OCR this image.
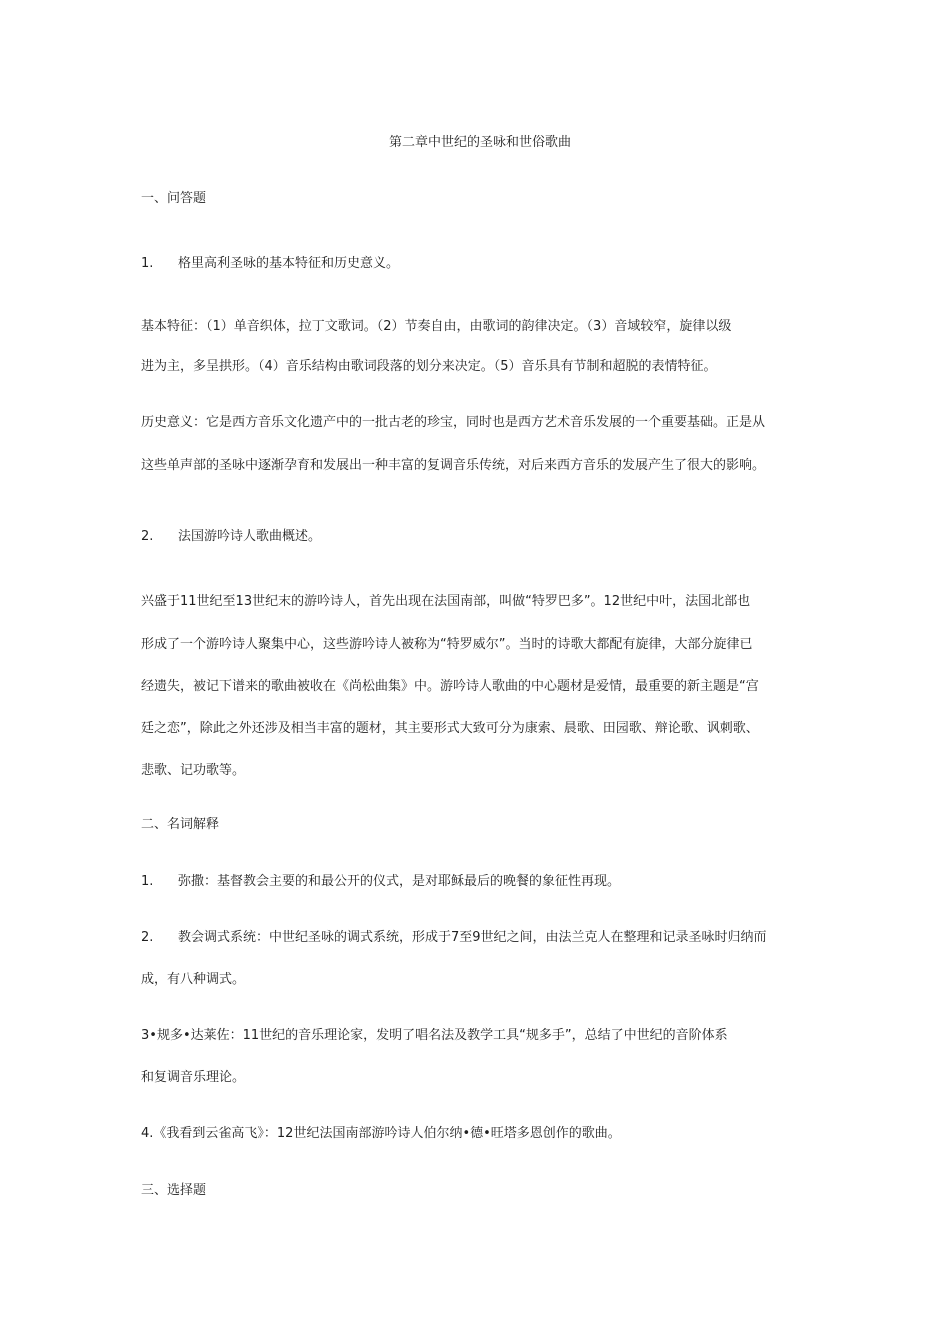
第二章中世纪的圣咏和世俗歌曲
一、问答题
1. 格里高利圣咏的基本特征和历史意义。
基本特征：（1）单音织体，拉丁文歌词。（2）节奏自由，由歌词的韵律决定。（3）音域较窄，旋律以级
进为主，多呈拱形。（4）音乐结构由歌词段落的划分来决定。（5）音乐具有节制和超脱的表情特征。
历史意义：它是西方音乐文化遗产中的一批古老的珍宝，同时也是西方艺术音乐发展的一个重要基础。正是从
这些单声部的圣咏中逐渐孕育和发展出一种丰富的复调音乐传统，对后来西方音乐的发展产生了很大的影响。
2. 法国游吟诗人歌曲概述。
兴盛于11世纪至13世纪末的游吟诗人，首先出现在法国南部，叫做“特罗巴多”。12世纪中叶，法国北部也
形成了一个游吟诗人聚集中心，这些游吟诗人被称为“特罗威尔”。当时的诗歌大都配有旋律，大部分旋律已
经遗失，被记下谱来的歌曲被收在《尚松曲集》中。游吟诗人歌曲的中心题材是爱情，最重要的新主题是“宫
廷之恋”，除此之外还涉及相当丰富的题材，其主要形式大致可分为康索、晨歌、田园歌、辩论歌、讽刺歌、
悲歌、记功歌等。
二、名词解释
1. 弥撒：基督教会主要的和最公开的仪式，是对耶稣最后的晚餐的象征性再现。
2. 教会调式系统：中世纪圣咏的调式系统，形成于7至9世纪之间，由法兰克人在整理和记录圣咏时归纳而
成，有八种调式。
3•规多•达莱佐：11世纪的音乐理论家，发明了唱名法及教学工具“规多手”，总结了中世纪的音阶体系
和复调音乐理论。
4.《我看到云雀高飞》：12世纪法国南部游吟诗人伯尔纳•德•旺塔多恩创作的歌曲。
三、选择题
